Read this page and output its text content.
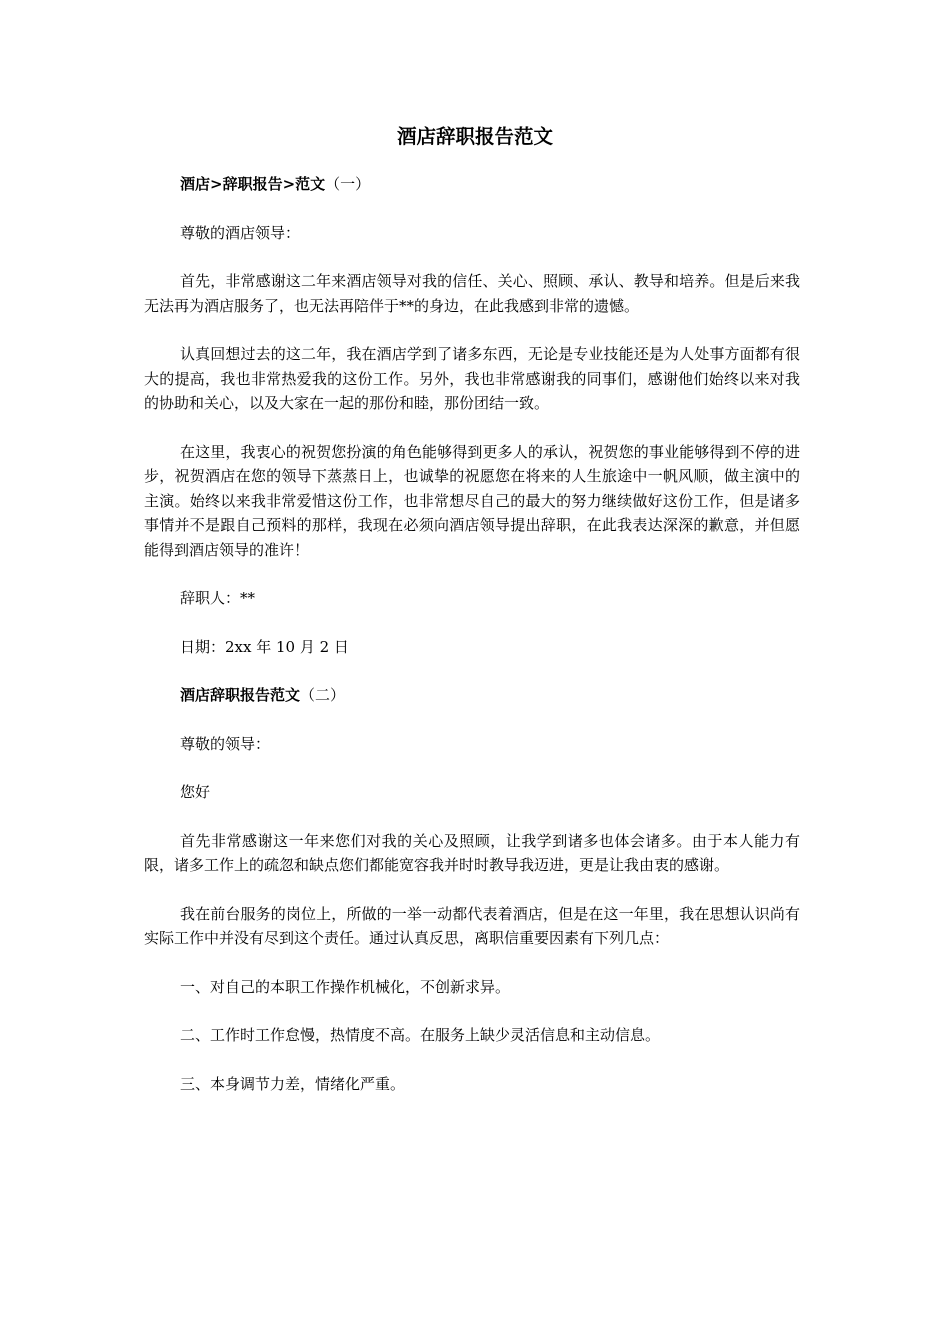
酒店辞职报告范文

酒店>辞职报告>范文（一）

尊敬的酒店领导：

首先，非常感谢这二年来酒店领导对我的信任、关心、照顾、承认、教导和培养。但是后来我无法再为酒店服务了，也无法再陪伴于**的身边，在此我感到非常的遗憾。

认真回想过去的这二年，我在酒店学到了诸多东西，无论是专业技能还是为人处事方面都有很大的提高，我也非常热爱我的这份工作。另外，我也非常感谢我的同事们，感谢他们始终以来对我的协助和关心，以及大家在一起的那份和睦，那份团结一致。

在这里，我衷心的祝贺您扮演的角色能够得到更多人的承认，祝贺您的事业能够得到不停的进步，祝贺酒店在您的领导下蒸蒸日上，也诚挚的祝愿您在将来的人生旅途中一帆风顺，做主演中的主演。始终以来我非常爱惜这份工作，也非常想尽自己的最大的努力继续做好这份工作，但是诸多事情并不是跟自己预料的那样，我现在必须向酒店领导提出辞职，在此我表达深深的歉意，并但愿能得到酒店领导的准许！

辞职人：**

日期：2xx 年 10 月 2 日

酒店辞职报告范文（二）

尊敬的领导：

您好

首先非常感谢这一年来您们对我的关心及照顾，让我学到诸多也体会诸多。由于本人能力有限，诸多工作上的疏忽和缺点您们都能宽容我并时时教导我迈进，更是让我由衷的感谢。

我在前台服务的岗位上，所做的一举一动都代表着酒店，但是在这一年里，我在思想认识尚有实际工作中并没有尽到这个责任。通过认真反思，离职信重要因素有下列几点：

一、对自己的本职工作操作机械化，不创新求异。

二、工作时工作怠慢，热情度不高。在服务上缺少灵活信息和主动信息。

三、本身调节力差，情绪化严重。
